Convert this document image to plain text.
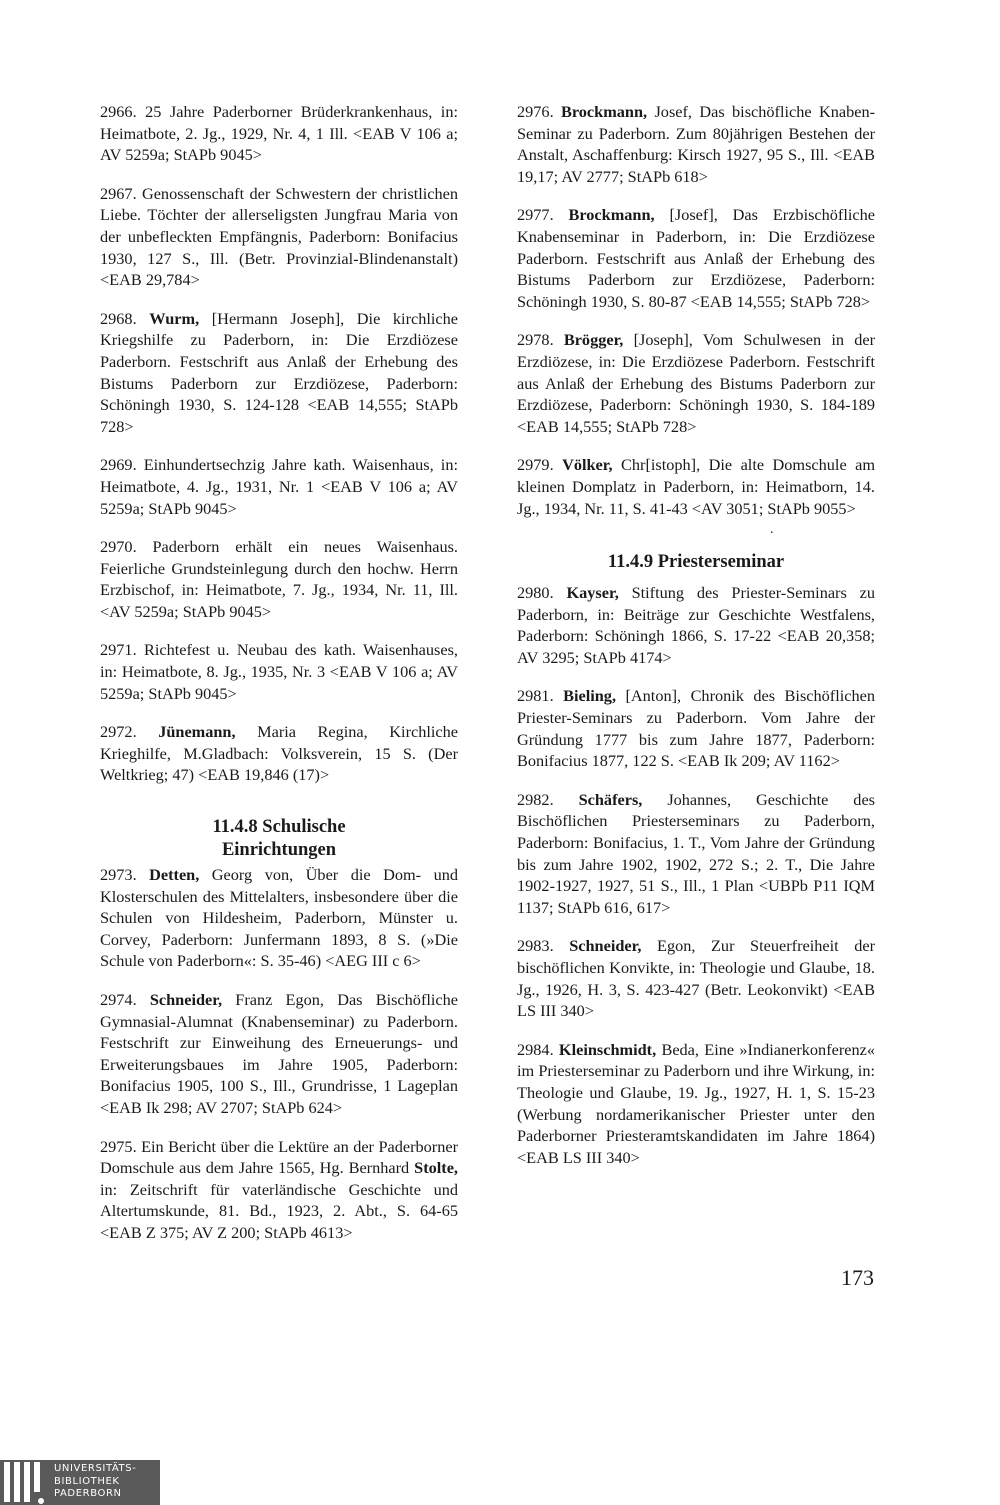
2966. 25 Jahre Paderborner Brüderkrankenhaus, in: Heimatbote, 2. Jg., 1929, Nr. 4, 1 Ill. <EAB V 106 a; AV 5259a; StAPb 9045>

2967. Genossenschaft der Schwestern der christlichen Liebe. Töchter der allerseligsten Jungfrau Maria von der unbefleckten Empfängnis, Paderborn: Bonifacius 1930, 127 S., Ill. (Betr. Provinzial-Blindenanstalt) <EAB 29,784>

2968. Wurm, [Hermann Joseph], Die kirchliche Kriegshilfe zu Paderborn, in: Die Erzdiözese Paderborn. Festschrift aus Anlaß der Erhebung des Bistums Paderborn zur Erzdiözese, Paderborn: Schöningh 1930, S. 124-128 <EAB 14,555; StAPb 728>

2969. Einhundertsechzig Jahre kath. Waisenhaus, in: Heimatbote, 4. Jg., 1931, Nr. 1 <EAB V 106 a; AV 5259a; StAPb 9045>

2970. Paderborn erhält ein neues Waisenhaus. Feierliche Grundsteinlegung durch den hochw. Herrn Erzbischof, in: Heimatbote, 7. Jg., 1934, Nr. 11, Ill. <AV 5259a; StAPb 9045>

2971. Richtefest u. Neubau des kath. Waisenhauses, in: Heimatbote, 8. Jg., 1935, Nr. 3 <EAB V 106 a; AV 5259a; StAPb 9045>

2972. Jünemann, Maria Regina, Kirchliche Krieghilfe, M.Gladbach: Volksverein, 15 S. (Der Weltkrieg; 47) <EAB 19,846 (17)>

11.4.8 Schulische
Einrichtungen

2973. Detten, Georg von, Über die Dom- und Klosterschulen des Mittelalters, insbesondere über die Schulen von Hildesheim, Paderborn, Münster u. Corvey, Paderborn: Junfermann 1893, 8 S. (»Die Schule von Paderborn«: S. 35-46) <AEG III c 6>

2974. Schneider, Franz Egon, Das Bischöfliche Gymnasial-Alumnat (Knabenseminar) zu Paderborn. Festschrift zur Einweihung des Erneuerungs- und Erweiterungsbaues im Jahre 1905, Paderborn: Bonifacius 1905, 100 S., Ill., Grundrisse, 1 Lageplan <EAB Ik 298; AV 2707; StAPb 624>

2975. Ein Bericht über die Lektüre an der Paderborner Domschule aus dem Jahre 1565, Hg. Bernhard Stolte, in: Zeitschrift für vaterländische Geschichte und Altertumskunde, 81. Bd., 1923, 2. Abt., S. 64-65 <EAB Z 375; AV Z 200; StAPb 4613>

2976. Brockmann, Josef, Das bischöfliche Knaben-Seminar zu Paderborn. Zum 80jährigen Bestehen der Anstalt, Aschaffenburg: Kirsch 1927, 95 S., Ill. <EAB 19,17; AV 2777; StAPb 618>

2977. Brockmann, [Josef], Das Erzbischöfliche Knabenseminar in Paderborn, in: Die Erzdiözese Paderborn. Festschrift aus Anlaß der Erhebung des Bistums Paderborn zur Erzdiözese, Paderborn: Schöningh 1930, S. 80-87 <EAB 14,555; StAPb 728>

2978. Brögger, [Joseph], Vom Schulwesen in der Erzdiözese, in: Die Erzdiözese Paderborn. Festschrift aus Anlaß der Erhebung des Bistums Paderborn zur Erzdiözese, Paderborn: Schöningh 1930, S. 184-189 <EAB 14,555; StAPb 728>

2979. Völker, Chr[istoph], Die alte Domschule am kleinen Domplatz in Paderborn, in: Heimatborn, 14. Jg., 1934, Nr. 11, S. 41-43 <AV 3051; StAPb 9055>

.
11.4.9 Priesterseminar

2980. Kayser, Stiftung des Priester-Seminars zu Paderborn, in: Beiträge zur Geschichte Westfalens, Paderborn: Schöningh 1866, S. 17-22 <EAB 20,358; AV 3295; StAPb 4174>

2981. Bieling, [Anton], Chronik des Bischöflichen Priester-Seminars zu Paderborn. Vom Jahre der Gründung 1777 bis zum Jahre 1877, Paderborn: Bonifacius 1877, 122 S. <EAB Ik 209; AV 1162>

2982. Schäfers, Johannes, Geschichte des Bischöflichen Priesterseminars zu Paderborn, Paderborn: Bonifacius, 1. T., Vom Jahre der Gründung bis zum Jahre 1902, 1902, 272 S.; 2. T., Die Jahre 1902-1927, 1927, 51 S., Ill., 1 Plan <UBPb P11 IQM 1137; StAPb 616, 617>

2983. Schneider, Egon, Zur Steuerfreiheit der bischöflichen Konvikte, in: Theologie und Glaube, 18. Jg., 1926, H. 3, S. 423-427 (Betr. Leokonvikt) <EAB LS III 340>

2984. Kleinschmidt, Beda, Eine »Indianerkonferenz« im Priesterseminar zu Paderborn und ihre Wirkung, in: Theologie und Glaube, 19. Jg., 1927, H. 1, S. 15-23 (Werbung nordamerikanischer Priester unter den Paderborner Priesteramtskandidaten im Jahre 1864) <EAB LS III 340>

173
UNIVERSITÄTS-
BIBLIOTHEK
PADERBORN
